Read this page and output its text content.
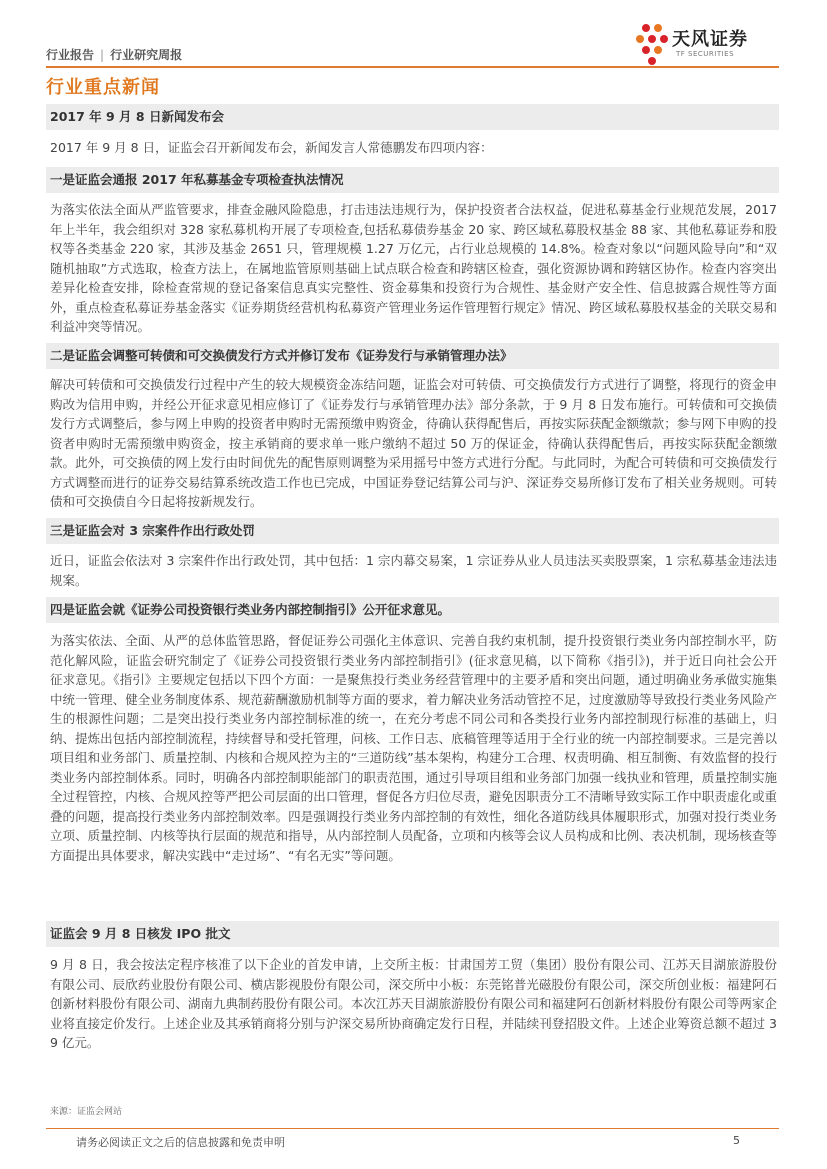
行业报告 | 行业研究周报
天风证券
TF SECURITIES
行业重点新闻
2017 年 9 月 8 日新闻发布会
2017 年 9 月 8 日，证监会召开新闻发布会，新闻发言人常德鹏发布四项内容：
一是证监会通报 2017 年私募基金专项检查执法情况
为落实依法全面从严监管要求，排查金融风险隐患，打击违法违规行为，保护投资者合法权益，促进私募基金行业规范发展，2017 年上半年，我会组织对 328 家私募机构开展了专项检查,包括私募债券基金 20 家、跨区域私募股权基金 88 家、其他私募证券和股权等各类基金 220 家，其涉及基金 2651 只，管理规模 1.27 万亿元，占行业总规模的 14.8%。检查对象以“问题风险导向”和“双随机抽取”方式选取，检查方法上，在属地监管原则基础上试点联合检查和跨辖区检查，强化资源协调和跨辖区协作。检查内容突出差异化检查安排，除检查常规的登记备案信息真实完整性、资金募集和投资行为合规性、基金财产安全性、信息披露合规性等方面外，重点检查私募证券基金落实《证券期货经营机构私募资产管理业务运作管理暂行规定》情况、跨区域私募股权基金的关联交易和利益冲突等情况。
二是证监会调整可转债和可交换债发行方式并修订发布《证券发行与承销管理办法》
解决可转债和可交换债发行过程中产生的较大规模资金冻结问题，证监会对可转债、可交换债发行方式进行了调整，将现行的资金申购改为信用申购，并经公开征求意见相应修订了《证券发行与承销管理办法》部分条款，于 9 月 8 日发布施行。可转债和可交换债发行方式调整后，参与网上申购的投资者申购时无需预缴申购资金，待确认获得配售后，再按实际获配金额缴款；参与网下申购的投资者申购时无需预缴申购资金，按主承销商的要求单一账户缴纳不超过 50 万的保证金，待确认获得配售后，再按实际获配金额缴款。此外，可交换债的网上发行由时间优先的配售原则调整为采用摇号中签方式进行分配。与此同时，为配合可转债和可交换债发行方式调整而进行的证券交易结算系统改造工作也已完成，中国证券登记结算公司与沪、深证券交易所修订发布了相关业务规则。可转债和可交换债自今日起将按新规发行。
三是证监会对 3 宗案件作出行政处罚
近日，证监会依法对 3 宗案件作出行政处罚，其中包括：1 宗内幕交易案，1 宗证券从业人员违法买卖股票案，1 宗私募基金违法违规案。
四是证监会就《证券公司投资银行类业务内部控制指引》公开征求意见。
为落实依法、全面、从严的总体监管思路，督促证券公司强化主体意识、完善自我约束机制，提升投资银行类业务内部控制水平，防范化解风险，证监会研究制定了《证券公司投资银行类业务内部控制指引》(征求意见稿，以下简称《指引》)，并于近日向社会公开征求意见。《指引》主要规定包括以下四个方面：一是聚焦投行类业务经营管理中的主要矛盾和突出问题，通过明确业务承做实施集中统一管理、健全业务制度体系、规范薪酬激励机制等方面的要求，着力解决业务活动管控不足，过度激励等导致投行类业务风险产生的根源性问题；二是突出投行类业务内部控制标准的统一，在充分考虑不同公司和各类投行业务内部控制现行标准的基础上，归纳、提炼出包括内部控制流程，持续督导和受托管理，问核、工作日志、底稿管理等适用于全行业的统一内部控制要求。三是完善以项目组和业务部门、质量控制、内核和合规风控为主的“三道防线”基本架构，构建分工合理、权责明确、相互制衡、有效监督的投行类业务内部控制体系。同时，明确各内部控制职能部门的职责范围，通过引导项目组和业务部门加强一线执业和管理，质量控制实施全过程管控，内核、合规风控等严把公司层面的出口管理，督促各方归位尽责，避免因职责分工不清晰导致实际工作中职责虚化或重叠的问题，提高投行类业务内部控制效率。四是强调投行类业务内部控制的有效性，细化各道防线具体履职形式，加强对投行类业务立项、质量控制、内核等执行层面的规范和指导，从内部控制人员配备，立项和内核等会议人员构成和比例、表决机制，现场核查等方面提出具体要求，解决实践中“走过场”、“有名无实”等问题。
证监会 9 月 8 日核发 IPO 批文
9 月 8 日，我会按法定程序核准了以下企业的首发申请，上交所主板：甘肃国芳工贸（集团）股份有限公司、江苏天目湖旅游股份有限公司、辰欣药业股份有限公司、横店影视股份有限公司，深交所中小板：东莞铭普光磁股份有限公司，深交所创业板：福建阿石创新材料股份有限公司、湖南九典制药股份有限公司。本次江苏天目湖旅游股份有限公司和福建阿石创新材料股份有限公司等两家企业将直接定价发行。上述企业及其承销商将分别与沪深交易所协商确定发行日程，并陆续刊登招股文件。上述企业筹资总额不超过 39 亿元。
来源：证监会网站
请务必阅读正文之后的信息披露和免责申明	5
